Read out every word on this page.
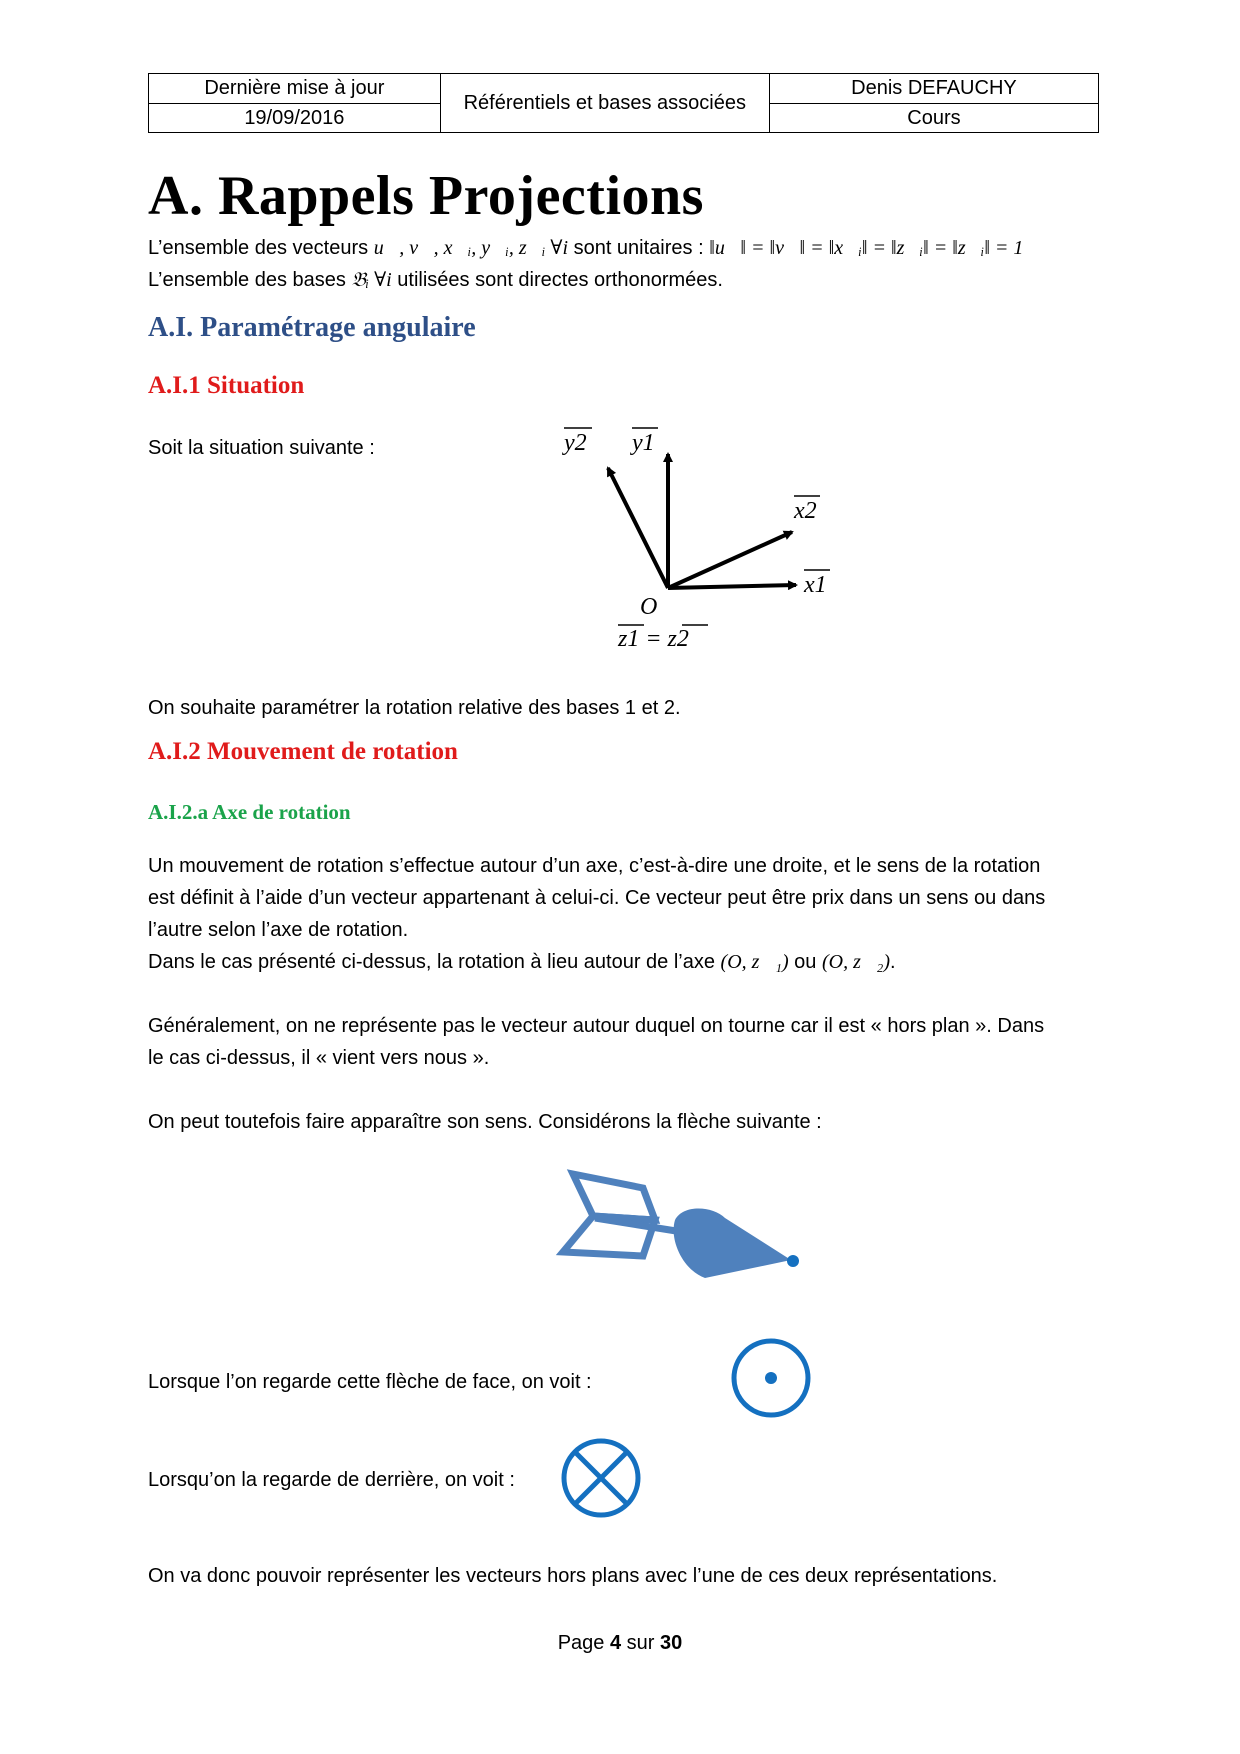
Dernière mise à jour	Référentiels et bases associées	Denis DEFAUCHY
19/09/2016		Cours
A. Rappels Projections

L’ensemble des vecteurs u⃗, v⃗, x⃗ᵢ, y⃗ᵢ, z⃗ᵢ ∀i sont unitaires : ‖u⃗‖ = ‖v⃗‖ = ‖x⃗ᵢ‖ = ‖z⃗ᵢ‖ = ‖z⃗ᵢ‖ = 1

L’ensemble des bases 𝔅ᵢ ∀i utilisées sont directes orthonormées.

A.I. Paramétrage angulaire
A.I.1 Situation

Soit la situation suivante :	y2 y1
x2
x1
O
z1 = z2

On souhaite paramétrer la rotation relative des bases 1 et 2.

A.I.2 Mouvement de rotation
A.I.2.a Axe de rotation

Un mouvement de rotation s’effectue autour d’un axe, c’est-à-dire une droite, et le sens de la rotation

est définit à l’aide d’un vecteur appartenant à celui-ci. Ce vecteur peut être prix dans un sens ou dans

l’autre selon l’axe de rotation.

Dans le cas présenté ci-dessus, la rotation à lieu autour de l’axe (O, z⃗₁) ou (O, z⃗₂).

Généralement, on ne représente pas le vecteur autour duquel on tourne car il est « hors plan ». Dans

le cas ci-dessus, il « vient vers nous ».

On peut toutefois faire apparaître son sens. Considérons la flèche suivante :

Lorsque l’on regarde cette flèche de face, on voit :

Lorsqu’on la regarde de derrière, on voit :

On va donc pouvoir représenter les vecteurs hors plans avec l’une de ces deux représentations.

Page 4 sur 30
